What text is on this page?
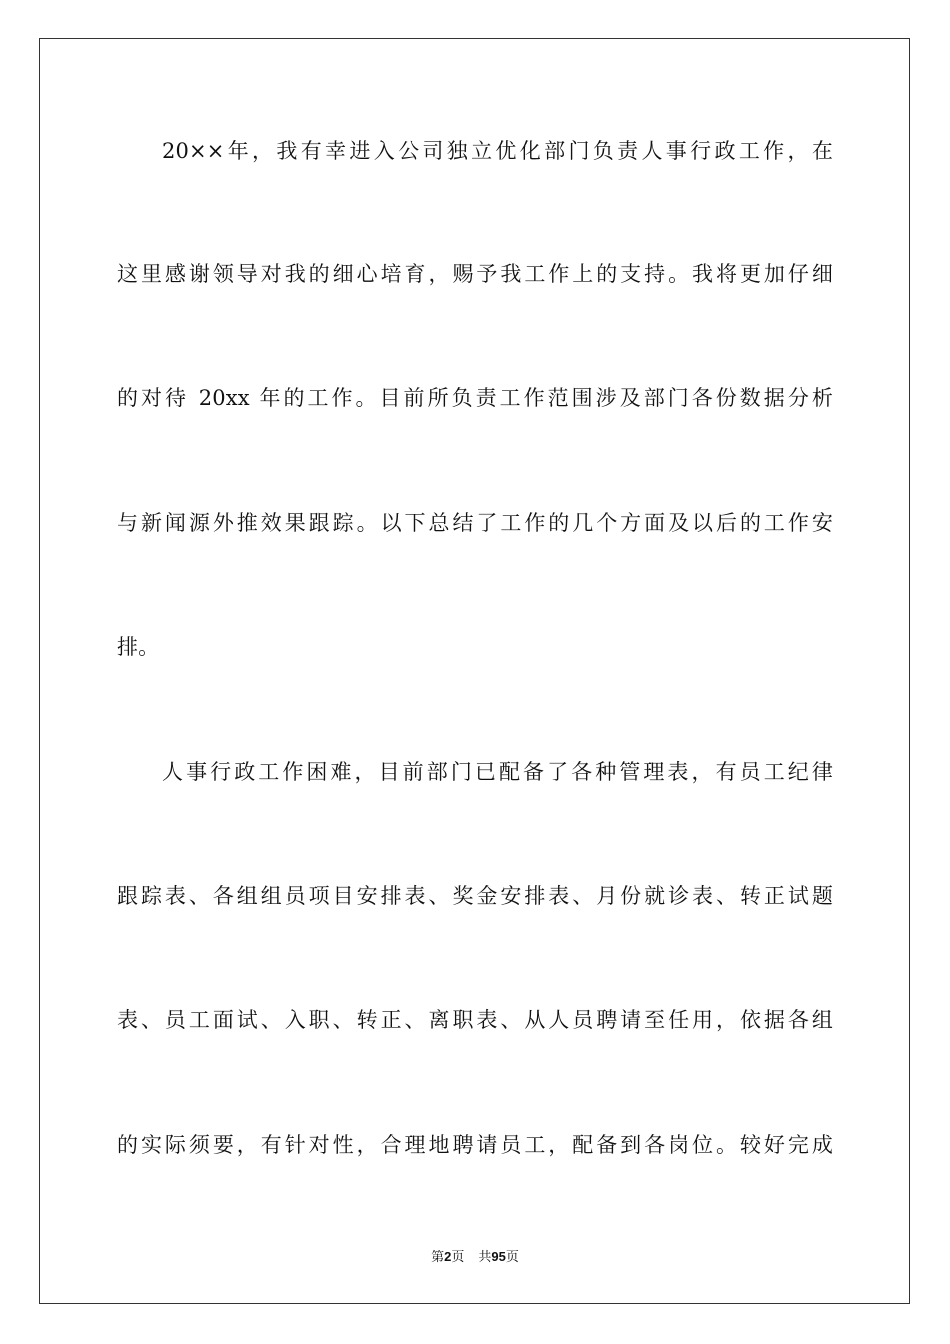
20××年，我有幸进入公司独立优化部门负责人事行政工作，在
这里感谢领导对我的细心培育，赐予我工作上的支持。我将更加仔细
的对待 20xx 年的工作。目前所负责工作范围涉及部门各份数据分析
与新闻源外推效果跟踪。以下总结了工作的几个方面及以后的工作安
排。
人事行政工作困难，目前部门已配备了各种管理表，有员工纪律
跟踪表、各组组员项目安排表、奖金安排表、月份就诊表、转正试题
表、员工面试、入职、转正、离职表、从人员聘请至任用，依据各组
的实际须要，有针对性，合理地聘请员工，配备到各岗位。较好完成
第2页 共95页
